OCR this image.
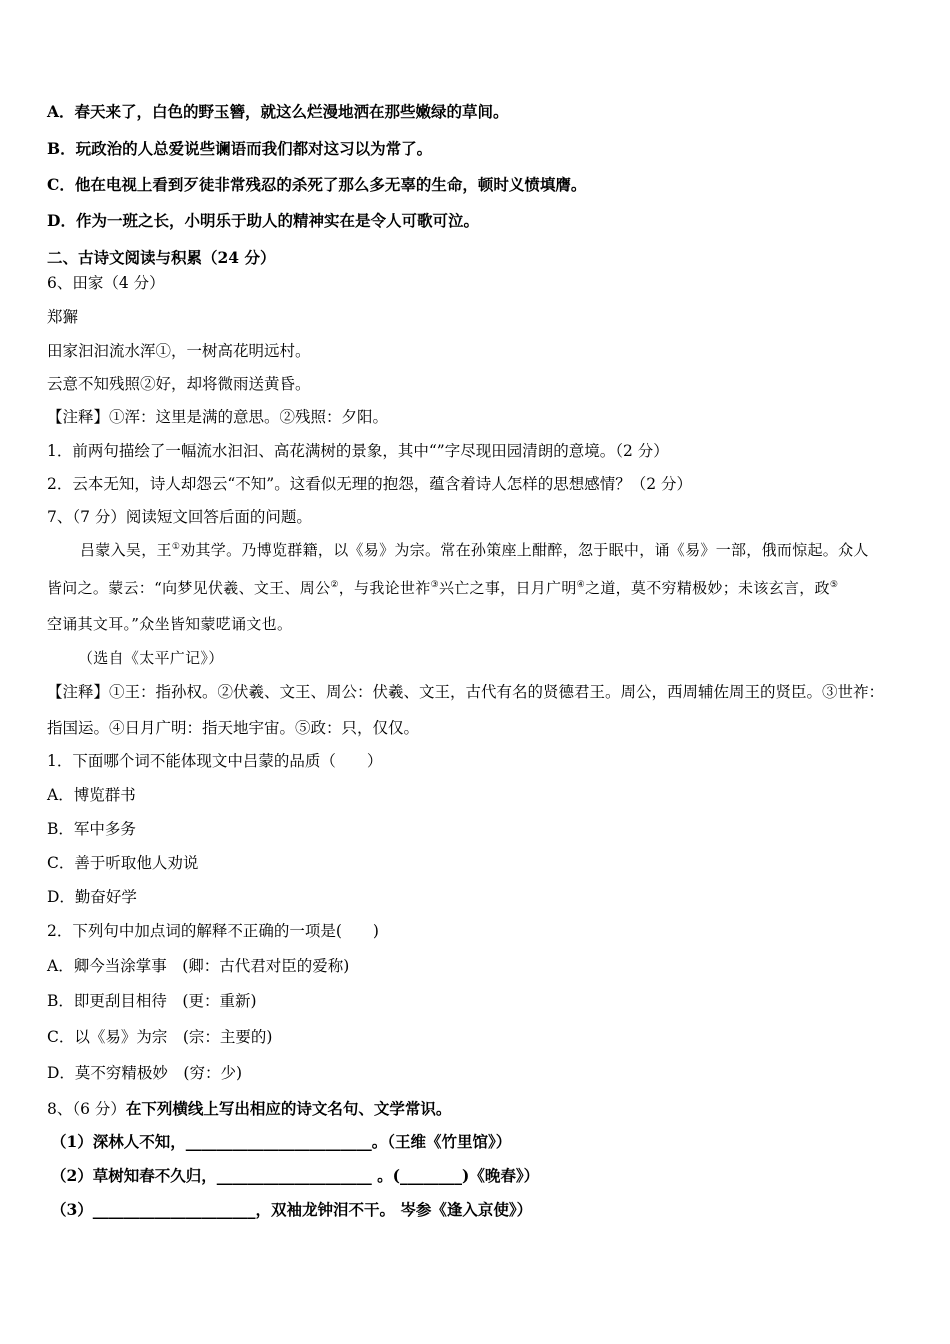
A．春天来了，白色的野玉簪，就这么烂漫地洒在那些嫩绿的草间。
B．玩政治的人总爱说些谰语而我们都对这习以为常了。
C．他在电视上看到歹徒非常残忍的杀死了那么多无辜的生命，顿时义愤填膺。
D．作为一班之长，小明乐于助人的精神实在是令人可歌可泣。
二、古诗文阅读与积累（24 分）
6、田家（4 分）
郑獬
田家汩汩流水浑①，一树高花明远村。
云意不知残照②好，却将微雨送黄昏。
【注释】①浑：这里是满的意思。②残照：夕阳。
1．前两句描绘了一幅流水汩汩、高花满树的景象，其中“”字尽现田园清朗的意境。（2 分）
2．云本无知，诗人却怨云“不知”。这看似无理的抱怨，蕴含着诗人怎样的思想感情？（2 分）
7、（7 分）阅读短文回答后面的问题。
吕蒙入吴，王①劝其学。乃博览群籍，以《易》为宗。常在孙策座上酣醉，忽于眠中，诵《易》一部，俄而惊起。众人
皆问之。蒙云：“向梦见伏羲、文王、周公②，与我论世祚③兴亡之事，日月广明④之道，莫不穷精极妙；未该玄言，政⑤
空诵其文耳。”众坐皆知蒙呓诵文也。
（选自《太平广记》）
【注释】①王：指孙权。②伏羲、文王、周公：伏羲、文王，古代有名的贤德君王。周公，西周辅佐周王的贤臣。③世祚：
指国运。④日月广明：指天地宇宙。⑤政：只，仅仅。
1．下面哪个词不能体现文中吕蒙的品质（　　）
A．博览群书
B．军中多务
C．善于听取他人劝说
D．勤奋好学
2．下列句中加点词的解释不正确的一项是(　　)
A．卿今当涂掌事　(卿：古代君对臣的爱称)
B．即更刮目相待　(更：重新)
C．以《易》为宗　(宗：主要的)
D．莫不穷精极妙　(穷：少)
8、（6 分）在下列横线上写出相应的诗文名句、文学常识。
（1）深林人不知，________________________。（王维《竹里馆》）
（2）草树知春不久归，____________________ 。(________)《晚春》）
（3）_____________________，双袖龙钟泪不干。 岑参《逢入京使》）
